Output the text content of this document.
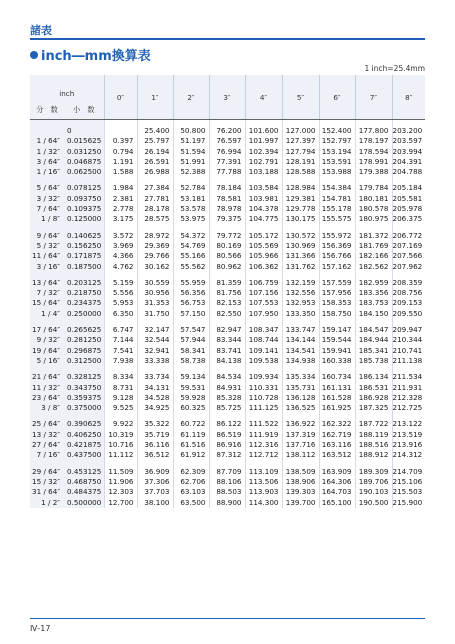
諸表
inch―mm換算表
1 inch=25.4mm
inch		0″	1″	2″	3″	4″	5″	6″	7″	8″
分　数	小　数									

	0		25.400	50.800	76.200	101.600	127.000	152.400	177.800	203.200
1 / 64″	0.015625	0.397	25.797	51.197	76.597	101.997	127.397	152.797	178.197	203.597
1 / 32″	0.031250	0.794	26.194	51.594	76.994	102.394	127.794	153.194	178.594	203.994
3 / 64″	0.046875	1.191	26.591	51.991	77.391	102.791	128.191	153.591	178.991	204.391
1 / 16″	0.062500	1.588	26.988	52.388	77.788	103.188	128.588	153.988	179.388	204.788

5 / 64″	0.078125	1.984	27.384	52.784	78.184	103.584	128.984	154.384	179.784	205.184
3 / 32″	0.093750	2.381	27.781	53.181	78.581	103.981	129.381	154.781	180.181	205.581
7 / 64″	0.109375	2.778	28.178	53.578	78.978	104.378	129.778	155.178	180.578	205.978
1 / 8″	0.125000	3.175	28.575	53.975	79.375	104.775	130.175	155.575	180.975	206.375

9 / 64″	0.140625	3.572	28.972	54.372	79.772	105.172	130.572	155.972	181.372	206.772
5 / 32″	0.156250	3.969	29.369	54.769	80.169	105.569	130.969	156.369	181.769	207.169
11 / 64″	0.171875	4.366	29.766	55.166	80.566	105.966	131.366	156.766	182.166	207.566
3 / 16″	0.187500	4.762	30.162	55.562	80.962	106.362	131.762	157.162	182.562	207.962

13 / 64″	0.203125	5.159	30.559	55.959	81.359	106.759	132.159	157.559	182.959	208.359
7 / 32″	0.218750	5.556	30.956	56.356	81.756	107.156	132.556	157.956	183.356	208.756
15 / 64″	0.234375	5.953	31.353	56.753	82.153	107.553	132.953	158.353	183.753	209.153
1 / 4″	0.250000	6.350	31.750	57.150	82.550	107.950	133.350	158.750	184.150	209.550

17 / 64″	0.265625	6.747	32.147	57.547	82.947	108.347	133.747	159.147	184.547	209.947
9 / 32″	0.281250	7.144	32.544	57.944	83.344	108.744	134.144	159.544	184.944	210.344
19 / 64″	0.296875	7.541	32.941	58.341	83.741	109.141	134.541	159.941	185.341	210.741
5 / 16″	0.312500	7.938	33.338	58.738	84.138	109.538	134.938	160.338	185.738	211.138

21 / 64″	0.328125	8.334	33.734	59.134	84.534	109.934	135.334	160.734	186.134	211.534
11 / 32″	0.343750	8.731	34.131	59.531	84.931	110.331	135.731	161.131	186.531	211.931
23 / 64″	0.359375	9.128	34.528	59.928	85.328	110.728	136.128	161.528	186.928	212.328
3 / 8″	0.375000	9.525	34.925	60.325	85.725	111.125	136.525	161.925	187.325	212.725

25 / 64″	0.390625	9.922	35.322	60.722	86.122	111.522	136.922	162.322	187.722	213.122
13 / 32″	0.406250	10.319	35.719	61.119	86.519	111.919	137.319	162.719	188.119	213.519
27 / 64″	0.421875	10.716	36.116	61.516	86.916	112.316	137.716	163.116	188.516	213.916
7 / 16″	0.437500	11.112	36.512	61.912	87.312	112.712	138.112	163.512	188.912	214.312

29 / 64″	0.453125	11.509	36.909	62.309	87.709	113.109	138.509	163.909	189.309	214.709
15 / 32″	0.468750	11.906	37.306	62.706	88.106	113.506	138.906	164.306	189.706	215.106
31 / 64″	0.484375	12.303	37.703	63.103	88.503	113.903	139.303	164.703	190.103	215.503
1 / 2″	0.500000	12.700	38.100	63.500	88.900	114.300	139.700	165.100	190.500	215.900
Ⅳ-17
